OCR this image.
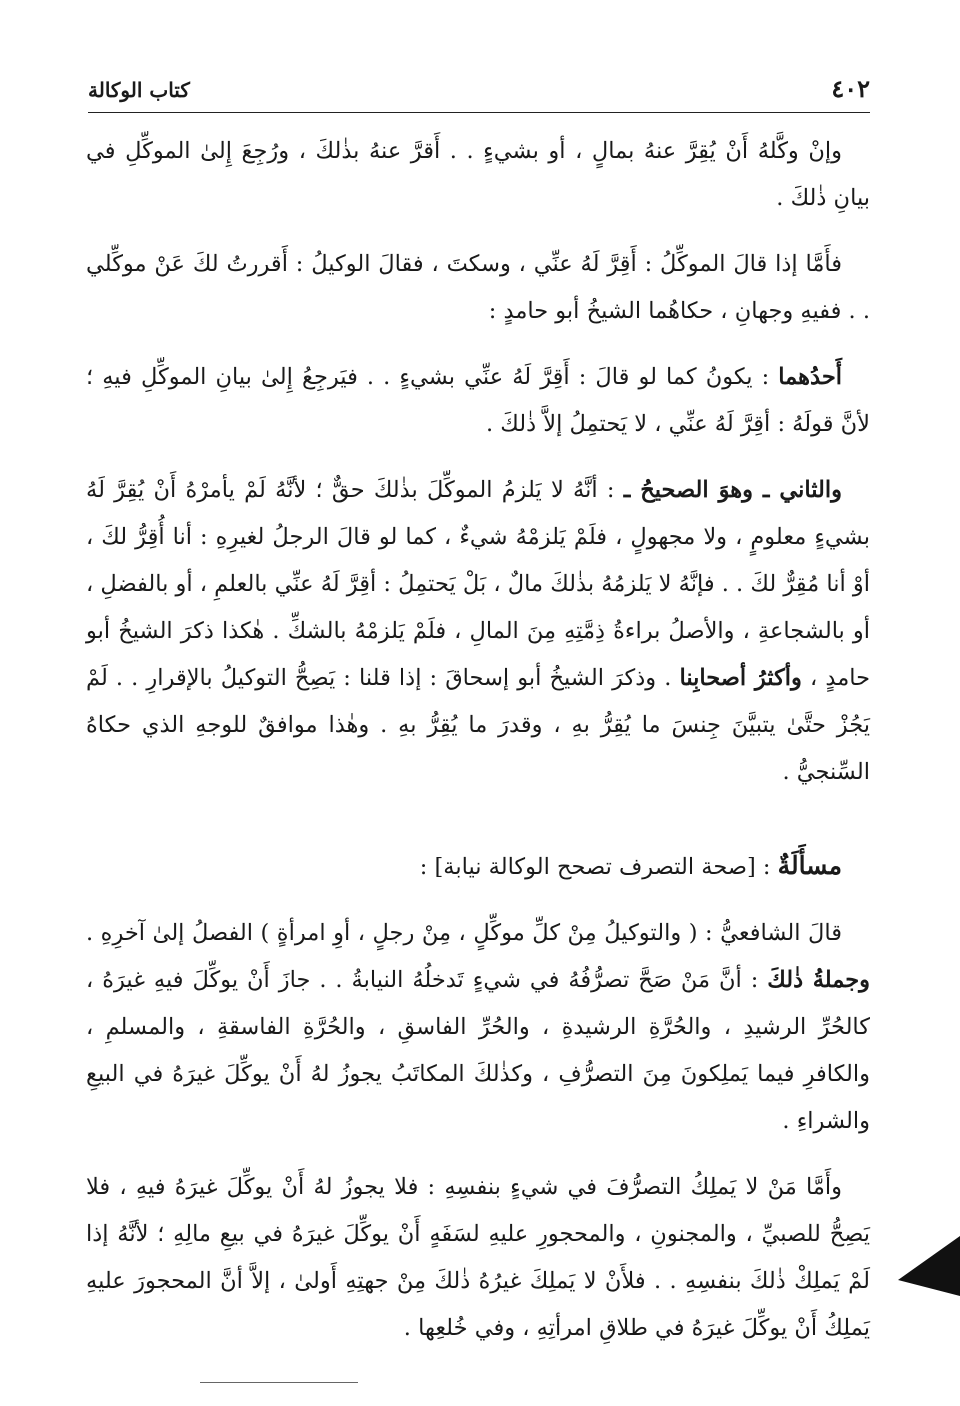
كتاب الوكالة	٤٠٢

وإنْ وكَّلهُ أَنْ يُقِرَّ عنهُ بمالٍ ، أو بشيءٍ . . أَقرَّ عنهُ بذٰلكَ ، ورُجِعَ إِلىٰ الموكِّلِ في بيانِ ذٰلكَ .

فأَمَّا إذا قالَ الموكِّلُ : أَقِرَّ لَهُ عنِّي ، وسكتَ ، فقالَ الوكيلُ : أَقررتُ لكَ عَنْ موكِّلي . . ففيهِ وجهانِ ، حكاهُما الشيخُ أبو حامدٍ :

أَحدُهما : يكونُ كما لو قالَ : أَقِرَّ لَهُ عنِّي بشيءٍ . . فيَرجِعُ إِلىٰ بيانِ الموكِّلِ فيهِ ؛ لأنَّ قولَهُ : أقِرَّ لَهُ عنِّي ، لا يَحتمِلُ إلاَّ ذٰلكَ .

والثاني ـ وهوَ الصحيحُ ـ : أنَّهُ لا يَلزمُ الموكِّلَ بذٰلكَ حقٌّ ؛ لأنَّهُ لَمْ يأمرْهُ أَنْ يُقِرَّ لَهُ بشيءٍ معلومٍ ، ولا مجهولٍ ، فلَمْ يَلزمْهُ شيءٌ ، كما لو قالَ الرجلُ لغيرِهِ : أنا أُقِرُّ لكَ ، أوْ أنا مُقِرٌّ لكَ . . فإنَّهُ لا يَلزمُهُ بذٰلكَ مالٌ ، بَلْ يَحتمِلُ : أقِرَّ لَهُ عنِّي بالعلمِ ، أو بالفضلِ ، أو بالشجاعةِ ، والأصلُ براءةُ ذِمَّتِهِ مِنَ المالِ ، فلَمْ يَلزمْهُ بالشكِّ . هٰكذا ذكرَ الشيخُ أبو حامدٍ ، وأكثرُ أصحابِنا . وذكرَ الشيخُ أبو إسحاقَ : إذا قلنا : يَصِحُّ التوكيلُ بالإقرارِ . . لَمْ يَجُزْ حتَّىٰ يتبيَّنَ جِنسَ ما يُقِرُّ بهِ ، وقدرَ ما يُقِرُّ بهِ . وهٰذا موافقٌ للوجهِ الذي حكاهُ السِّنجيُّ .

مسأَلَةٌ : [صحة التصرف تصحح الوكالة نيابة] :

قالَ الشافعيُّ : ( والتوكيلُ مِنْ كلِّ موكِّلٍ ، مِنْ رجلٍ ، أوِ امرأةٍ ) الفصلُ إلىٰ آخرِهِ . وجملةُ ذٰلكَ : أنَّ مَنْ صَحَّ تصرُّفُهُ في شيءٍ تَدخلُهُ النيابةُ . . جازَ أَنْ يوكِّلَ فيهِ غيرَهُ ، كالحُرِّ الرشيدِ ، والحُرَّةِ الرشيدةِ ، والحُرِّ الفاسقِ ، والحُرَّةِ الفاسقةِ ، والمسلمِ ، والكافرِ فيما يَملِكونَ مِنَ التصرُّفِ ، وكذٰلكَ المكاتَبُ يجوزُ لهُ أَنْ يوكِّلَ غيرَهُ في البيعِ والشراءِ .

وأَمَّا مَنْ لا يَملِكُ التصرُّفَ في شيءٍ بنفسِهِ : فلا يجوزُ لهُ أَنْ يوكِّلَ غيرَهُ فيهِ ، فلا يَصِحُّ للصبيِّ ، والمجنونِ ، والمحجورِ عليهِ لسَفَهٍ أَنْ يوكِّلَ غيرَهُ في بيعِ مالِهِ ؛ لأنَّهُ إذا لَمْ يَملِكْ ذٰلكَ بنفسِهِ . . فلأَنْ لا يَملِكَ غيرُهُ ذٰلكَ مِنْ جهتِهِ أَولىٰ ، إلاَّ أنَّ المحجورَ عليهِ يَملِكُ أَنْ يوكِّلَ غيرَهُ في طلاقِ امرأتِهِ ، وفي خُلعِها .
